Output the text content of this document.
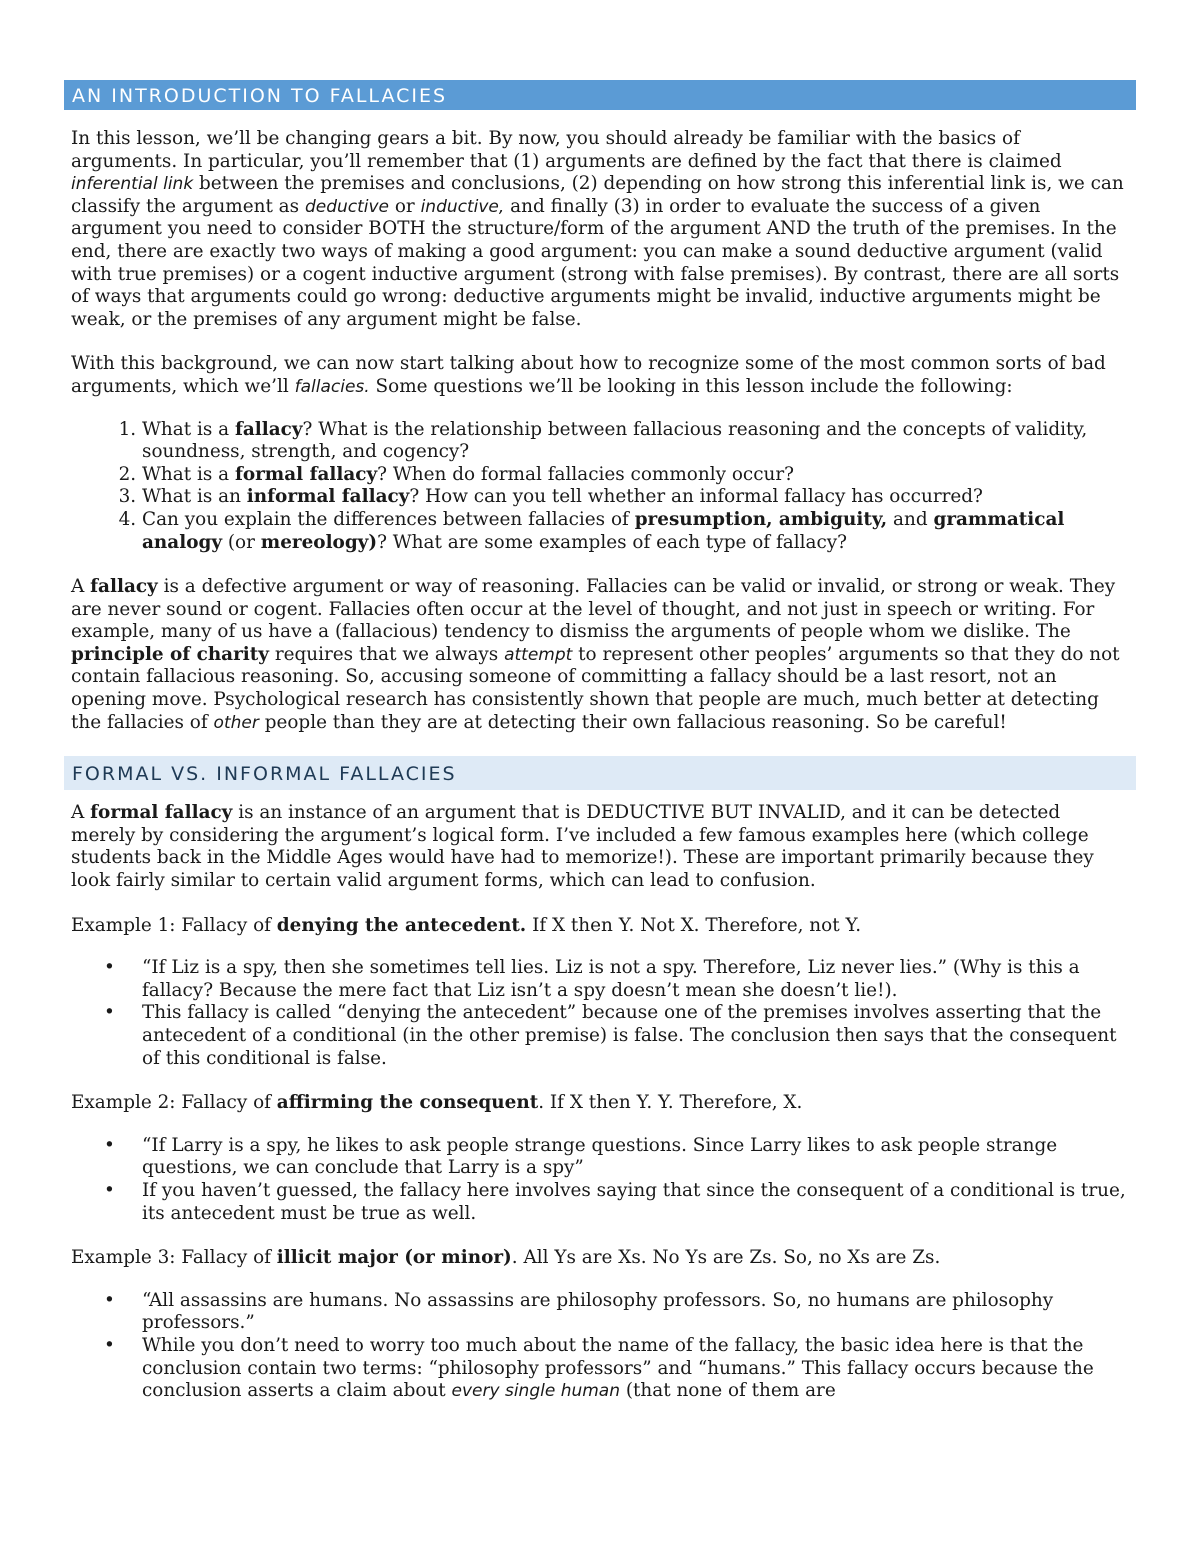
AN INTRODUCTION TO FALLACIES

In this lesson, we’ll be changing gears a bit. By now, you should already be familiar with the basics of arguments. In particular, you’ll remember that (1) arguments are defined by the fact that there is claimed inferential link between the premises and conclusions, (2) depending on how strong this inferential link is, we can classify the argument as deductive or inductive, and finally (3) in order to evaluate the success of a given argument you need to consider BOTH the structure/form of the argument AND the truth of the premises. In the end, there are exactly two ways of making a good argument: you can make a sound deductive argument (valid with true premises) or a cogent inductive argument (strong with false premises). By contrast, there are all sorts of ways that arguments could go wrong: deductive arguments might be invalid, inductive arguments might be weak, or the premises of any argument might be false.

With this background, we can now start talking about how to recognize some of the most common sorts of bad arguments, which we’ll fallacies. Some questions we’ll be looking in this lesson include the following:

1. What is a fallacy? What is the relationship between fallacious reasoning and the concepts of validity, soundness, strength, and cogency?
2. What is a formal fallacy? When do formal fallacies commonly occur?
3. What is an informal fallacy? How can you tell whether an informal fallacy has occurred?
4. Can you explain the differences between fallacies of presumption, ambiguity, and grammatical analogy (or mereology)? What are some examples of each type of fallacy?

A fallacy is a defective argument or way of reasoning. Fallacies can be valid or invalid, or strong or weak. They are never sound or cogent. Fallacies often occur at the level of thought, and not just in speech or writing. For example, many of us have a (fallacious) tendency to dismiss the arguments of people whom we dislike. The principle of charity requires that we always attempt to represent other peoples’ arguments so that they do not contain fallacious reasoning. So, accusing someone of committing a fallacy should be a last resort, not an opening move. Psychological research has consistently shown that people are much, much better at detecting the fallacies of other people than they are at detecting their own fallacious reasoning. So be careful!

FORMAL VS. INFORMAL FALLACIES

A formal fallacy is an instance of an argument that is DEDUCTIVE BUT INVALID, and it can be detected merely by considering the argument’s logical form. I’ve included a few famous examples here (which college students back in the Middle Ages would have had to memorize!). These are important primarily because they look fairly similar to certain valid argument forms, which can lead to confusion.

Example 1: Fallacy of denying the antecedent. If X then Y. Not X. Therefore, not Y.

• “If Liz is a spy, then she sometimes tell lies. Liz is not a spy. Therefore, Liz never lies.” (Why is this a fallacy? Because the mere fact that Liz isn’t a spy doesn’t mean she doesn’t lie!).
• This fallacy is called “denying the antecedent” because one of the premises involves asserting that the antecedent of a conditional (in the other premise) is false. The conclusion then says that the consequent of this conditional is false.

Example 2: Fallacy of affirming the consequent. If X then Y. Y. Therefore, X.

• “If Larry is a spy, he likes to ask people strange questions. Since Larry likes to ask people strange questions, we can conclude that Larry is a spy”
• If you haven’t guessed, the fallacy here involves saying that since the consequent of a conditional is true, its antecedent must be true as well.

Example 3: Fallacy of illicit major (or minor). All Ys are Xs. No Ys are Zs. So, no Xs are Zs.

• “All assassins are humans. No assassins are philosophy professors. So, no humans are philosophy professors.”
• While you don’t need to worry too much about the name of the fallacy, the basic idea here is that the conclusion contain two terms: “philosophy professors” and “humans.” This fallacy occurs because the conclusion asserts a claim about every single human (that none of them are
